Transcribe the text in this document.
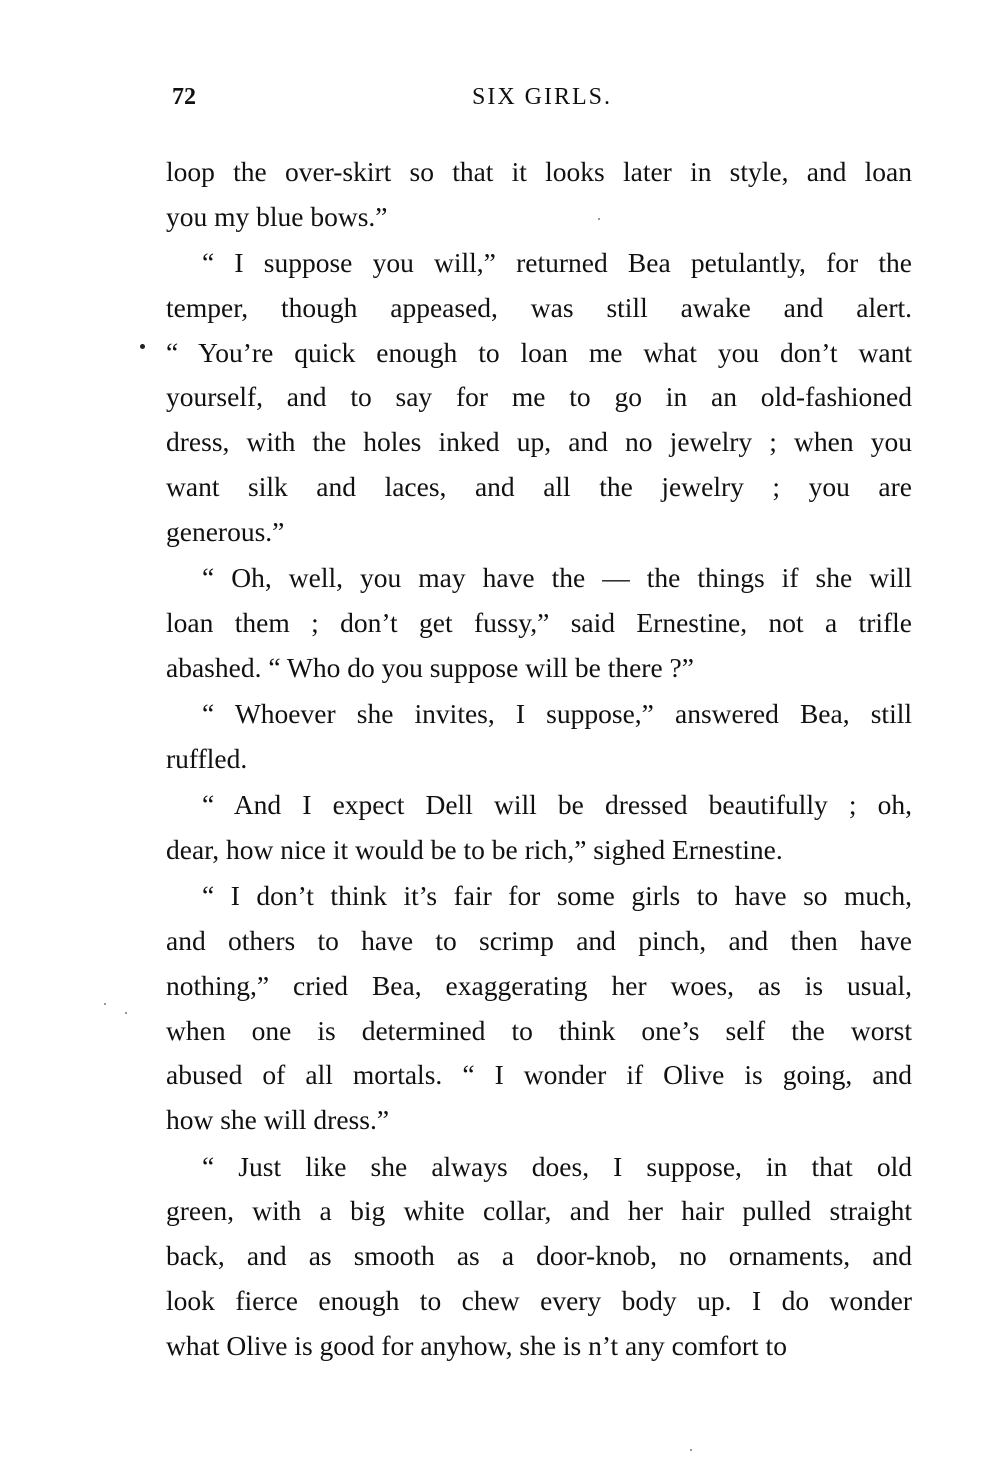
72	SIX GIRLS.
loop the over-skirt so that it looks later in style, and loan
you my blue bows.”
“ I suppose you will,” returned Bea petulantly, for the
temper, though appeased, was still awake and alert.
“ You’re quick enough to loan me what you don’t want
yourself, and to say for me to go in an old-fashioned
dress, with the holes inked up, and no jewelry ; when you
want silk and laces, and all the jewelry ; you are
generous.”
“ Oh, well, you may have the — the things if she will
loan them ; don’t get fussy,” said Ernestine, not a trifle
abashed. “ Who do you suppose will be there ?”
“ Whoever she invites, I suppose,” answered Bea, still
ruffled.
“ And I expect Dell will be dressed beautifully ; oh,
dear, how nice it would be to be rich,” sighed Ernestine.
“ I don’t think it’s fair for some girls to have so much,
and others to have to scrimp and pinch, and then have
nothing,” cried Bea, exaggerating her woes, as is usual,
when one is determined to think one’s self the worst
abused of all mortals. “ I wonder if Olive is going, and
how she will dress.”
“ Just like she always does, I suppose, in that old
green, with a big white collar, and her hair pulled straight
back, and as smooth as a door-knob, no ornaments, and
look fierce enough to chew every body up. I do wonder
what Olive is good for anyhow, she is n’t any comfort to
